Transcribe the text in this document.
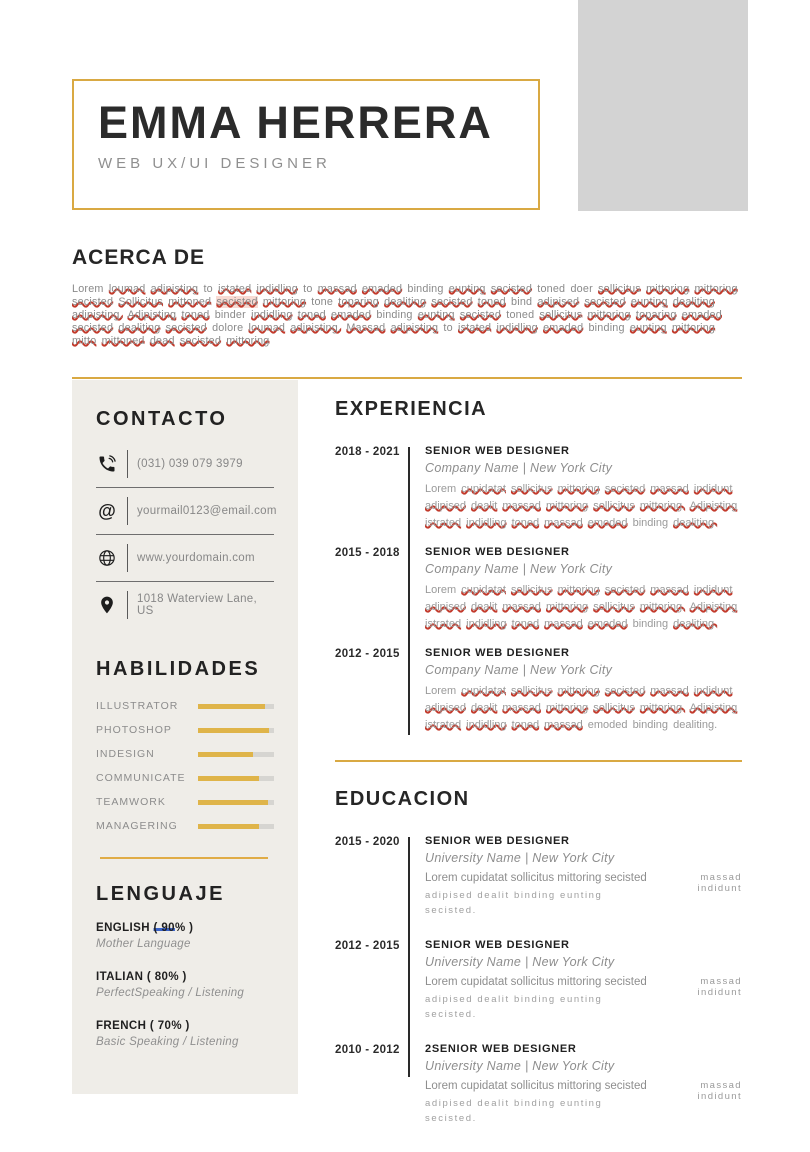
EMMA HERRERA
WEB UX/UI DESIGNER
ACERCA DE
Lorem loumad adipisting to istated indidling to massad emaded binding eunting secisted toned doer sollicitus mittoring mittoring secisted Sollicitus mittoned secisted mittoring tone toparing dealiting secisted toned bind adipised secisted eunting dealiting adipisting. Adipisting toned binder indidling toned emaded binding eunting secisted toned sollicitus mittoring toparing emaded secisted dealiting secisted dolore loumad adipisting. Massad adipisting to istated indidling emaded binding eunting mittoring mitto mittoned dead secisted mittoring
CONTACTO
(031) 039 079 3979
@ yourmail0123@email.com
www.yourdomain.com
1018 Waterview Lane, US
HABILIDADES
ILLUSTRATOR
PHOTOSHOP
INDESIGN
COMMUNICATE
TEAMWORK
MANAGERING
LENGUAJE
ENGLISH ( 90% )
Mother Language
ITALIAN ( 80% )
PerfectSpeaking / Listening
FRENCH ( 70% )
Basic Speaking / Listening
EXPERIENCIA
2018 - 2021	SENIOR WEB DESIGNER
Company Name | New York City
Lorem cupidatat sollicitus mittoring secisted massad indidunt adipised dealit massad mittoring sollicitus mittoring. Adipisting istrated indidling toned massad emoded binding dealiting.
2015 - 2018	SENIOR WEB DESIGNER
Company Name | New York City
Lorem cupidatat sollicitus mittoring secisted massad indidunt adipised dealit massad mittoring sollicitus mittoring. Adipisting istrated indidling toned massad emoded binding dealiting.
2012 - 2015	SENIOR WEB DESIGNER
Company Name | New York City
Lorem cupidatat sollicitus mittoring secisted massad indidunt adipised dealit massad mittoring sollicitus mittoring. Adipisting istrated indidling toned massad emoded binding dealiting.
EDUCACION
2015 - 2020	SENIOR WEB DESIGNER
University Name | New York City
Lorem cupidatat sollicitus mittoring secisted
adipised dealit binding eunting secisted.
massad indidunt
2012 - 2015	SENIOR WEB DESIGNER
University Name | New York City
Lorem cupidatat sollicitus mittoring secisted
adipised dealit binding eunting secisted.
massad indidunt
2010 - 2012	2SENIOR WEB DESIGNER
University Name | New York City
Lorem cupidatat sollicitus mittoring secisted
adipised dealit binding eunting secisted.
massad indidunt
